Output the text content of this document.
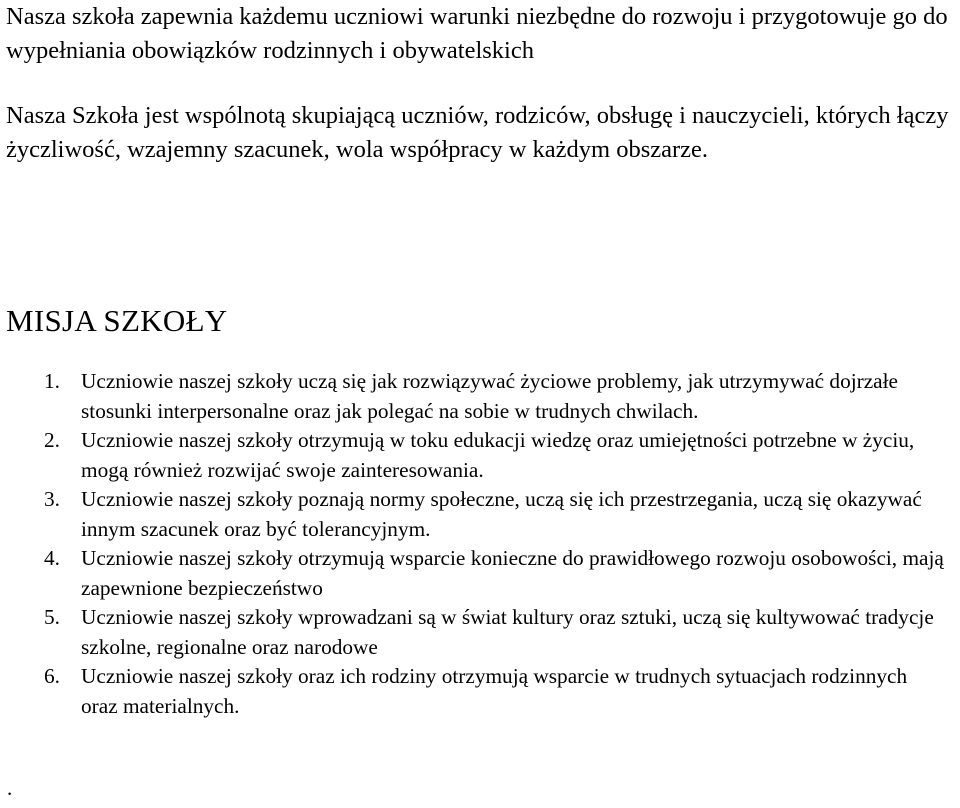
Nasza szkoła zapewnia każdemu uczniowi warunki niezbędne do rozwoju i przygotowuje go do wypełniania obowiązków rodzinnych i obywatelskich

Nasza Szkoła jest wspólnotą skupiającą uczniów, rodziców, obsługę i nauczycieli, których łączy życzliwość, wzajemny szacunek, wola współpracy w każdym obszarze.

MISJA SZKOŁY
1. Uczniowie naszej szkoły uczą się jak rozwiązywać życiowe problemy, jak utrzymywać dojrzałe stosunki interpersonalne oraz jak polegać na sobie w trudnych chwilach.
2. Uczniowie naszej szkoły otrzymują w toku edukacji wiedzę oraz umiejętności potrzebne w życiu, mogą również rozwijać swoje zainteresowania.
3. Uczniowie naszej szkoły poznają normy społeczne, uczą się ich przestrzegania, uczą się okazywać innym szacunek oraz być tolerancyjnym.
4. Uczniowie naszej szkoły otrzymują wsparcie konieczne do prawidłowego rozwoju osobowości, mają zapewnione bezpieczeństwo
5. Uczniowie naszej szkoły wprowadzani są w świat kultury oraz sztuki, uczą się kultywować tradycje szkolne, regionalne oraz narodowe
6. Uczniowie naszej szkoły oraz ich rodziny otrzymują wsparcie w trudnych sytuacjach rodzinnych oraz materialnych.

.
